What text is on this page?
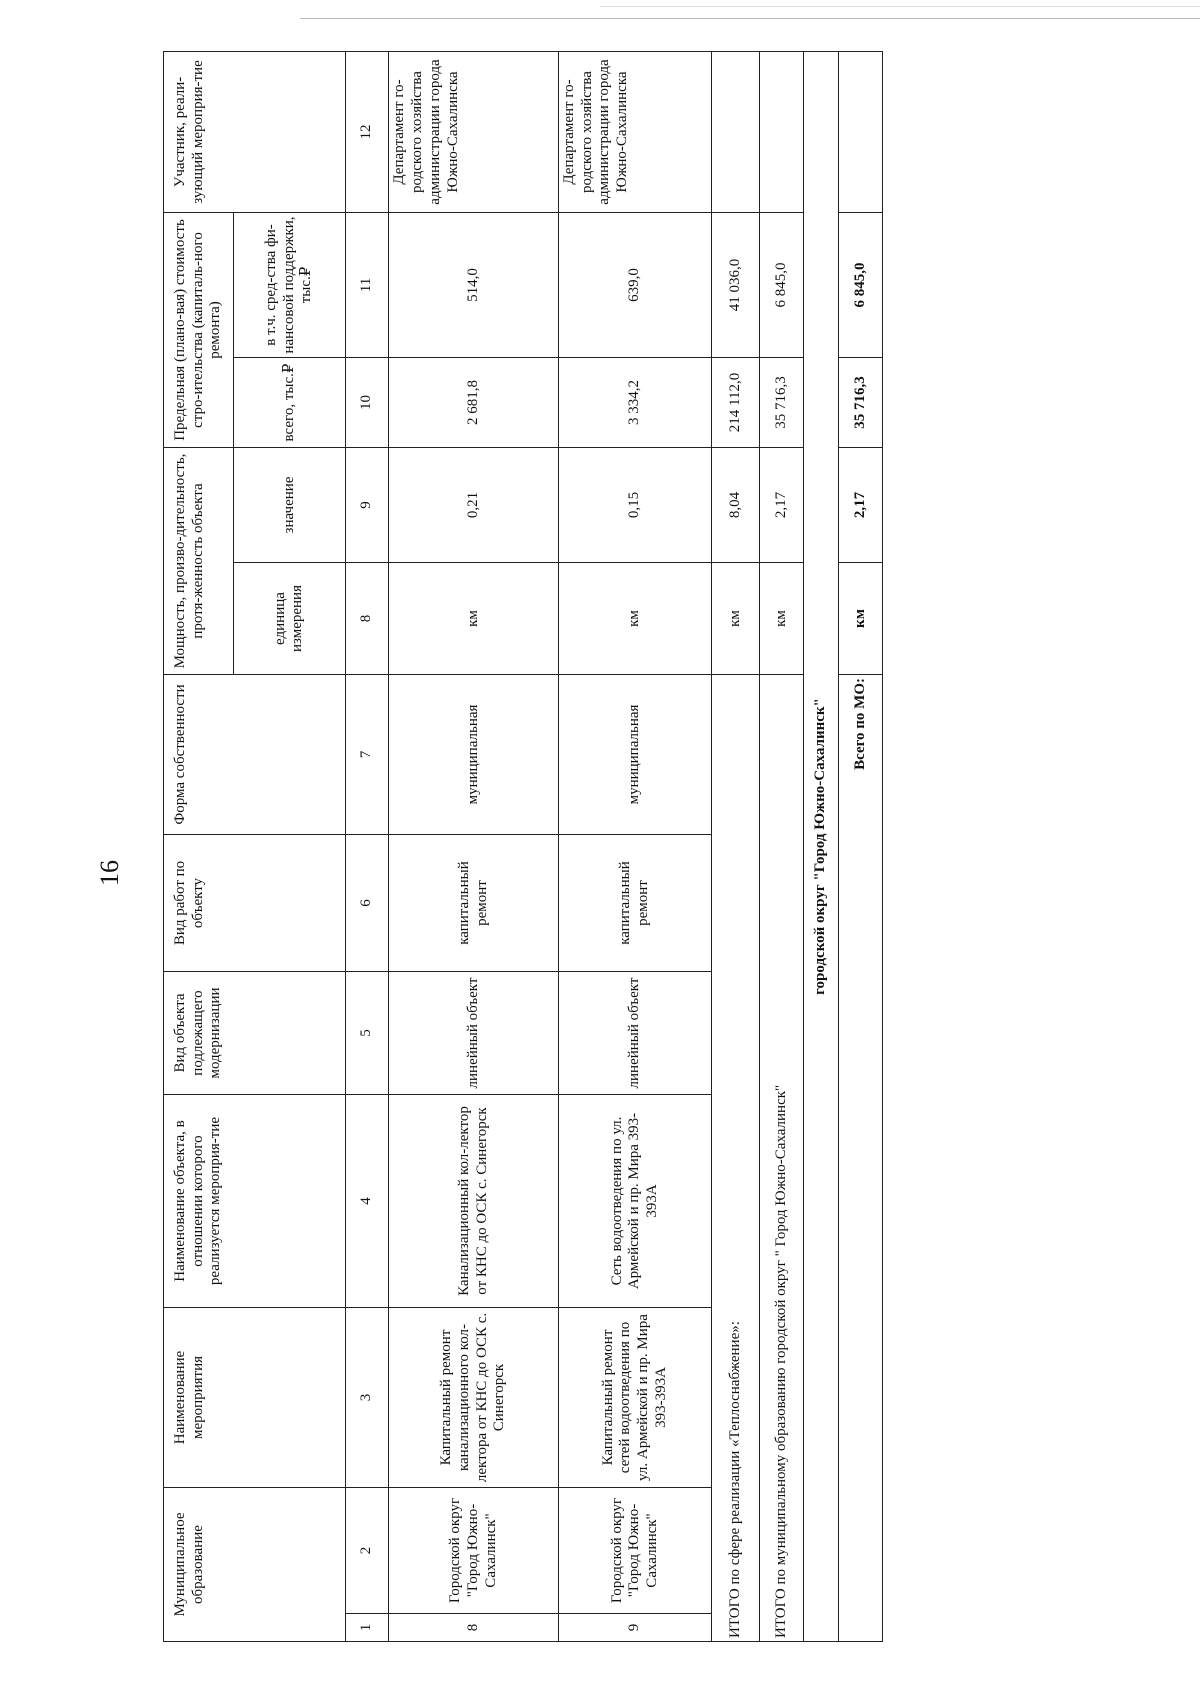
16
Муниципальное образование		Наименование мероприятия	Наименование объекта, в отношении которого реализуется мероприя-тие	Вид объекта подлежащего модернизации	Вид работ по объекту	Форма собственности	Мощность, произво-дительность, протя-женность объекта		Предельная (плано-вая) стоимость стро-ительства (капиталь-ного ремонта)		Участник, реали-зующий мероприя-тие
							единица измерения	значение	всего, тыс.₽	в т.ч. сред-ства фи-нансовой поддержки, тыс.₽	
1	2	3	4	5	6	7	8	9	10	11	12
8	Городской округ "Город Южно-Сахалинск"	Капитальный ремонт канализационного кол-лектора от КНС до ОСК с. Синегорск	Канализационный кол-лектор от КНС до ОСК с. Синегорск	линейный объект	капитальный ремонт	муниципальная	км	0,21	2 681,8	514,0	Департамент го-родского хозяйства администрации города Южно-Сахалинска
9	Городской округ "Город Южно-Сахалинск"	Капитальный ремонт сетей водоотведения по ул. Армейской и пр. Мира 393-393А	Сеть водоотведения по ул. Армейской и пр. Мира 393-393А	линейный объект	капитальный ремонт	муниципальная	км	0,15	3 334,2	639,0	Департамент го-родского хозяйства администрации города Южно-Сахалинска
ИТОГО по сфере реализации «Теплоснабжение»:							км	8,04	214 112,0	41 036,0	
ИТОГО по муниципальному образованию городской округ " Город Южно-Сахалинск"							км	2,17	35 716,3	6 845,0	
городской округ "Город Южно-Сахалинск"											
Всего по МО:							км	2,17	35 716,3	6 845,0	
